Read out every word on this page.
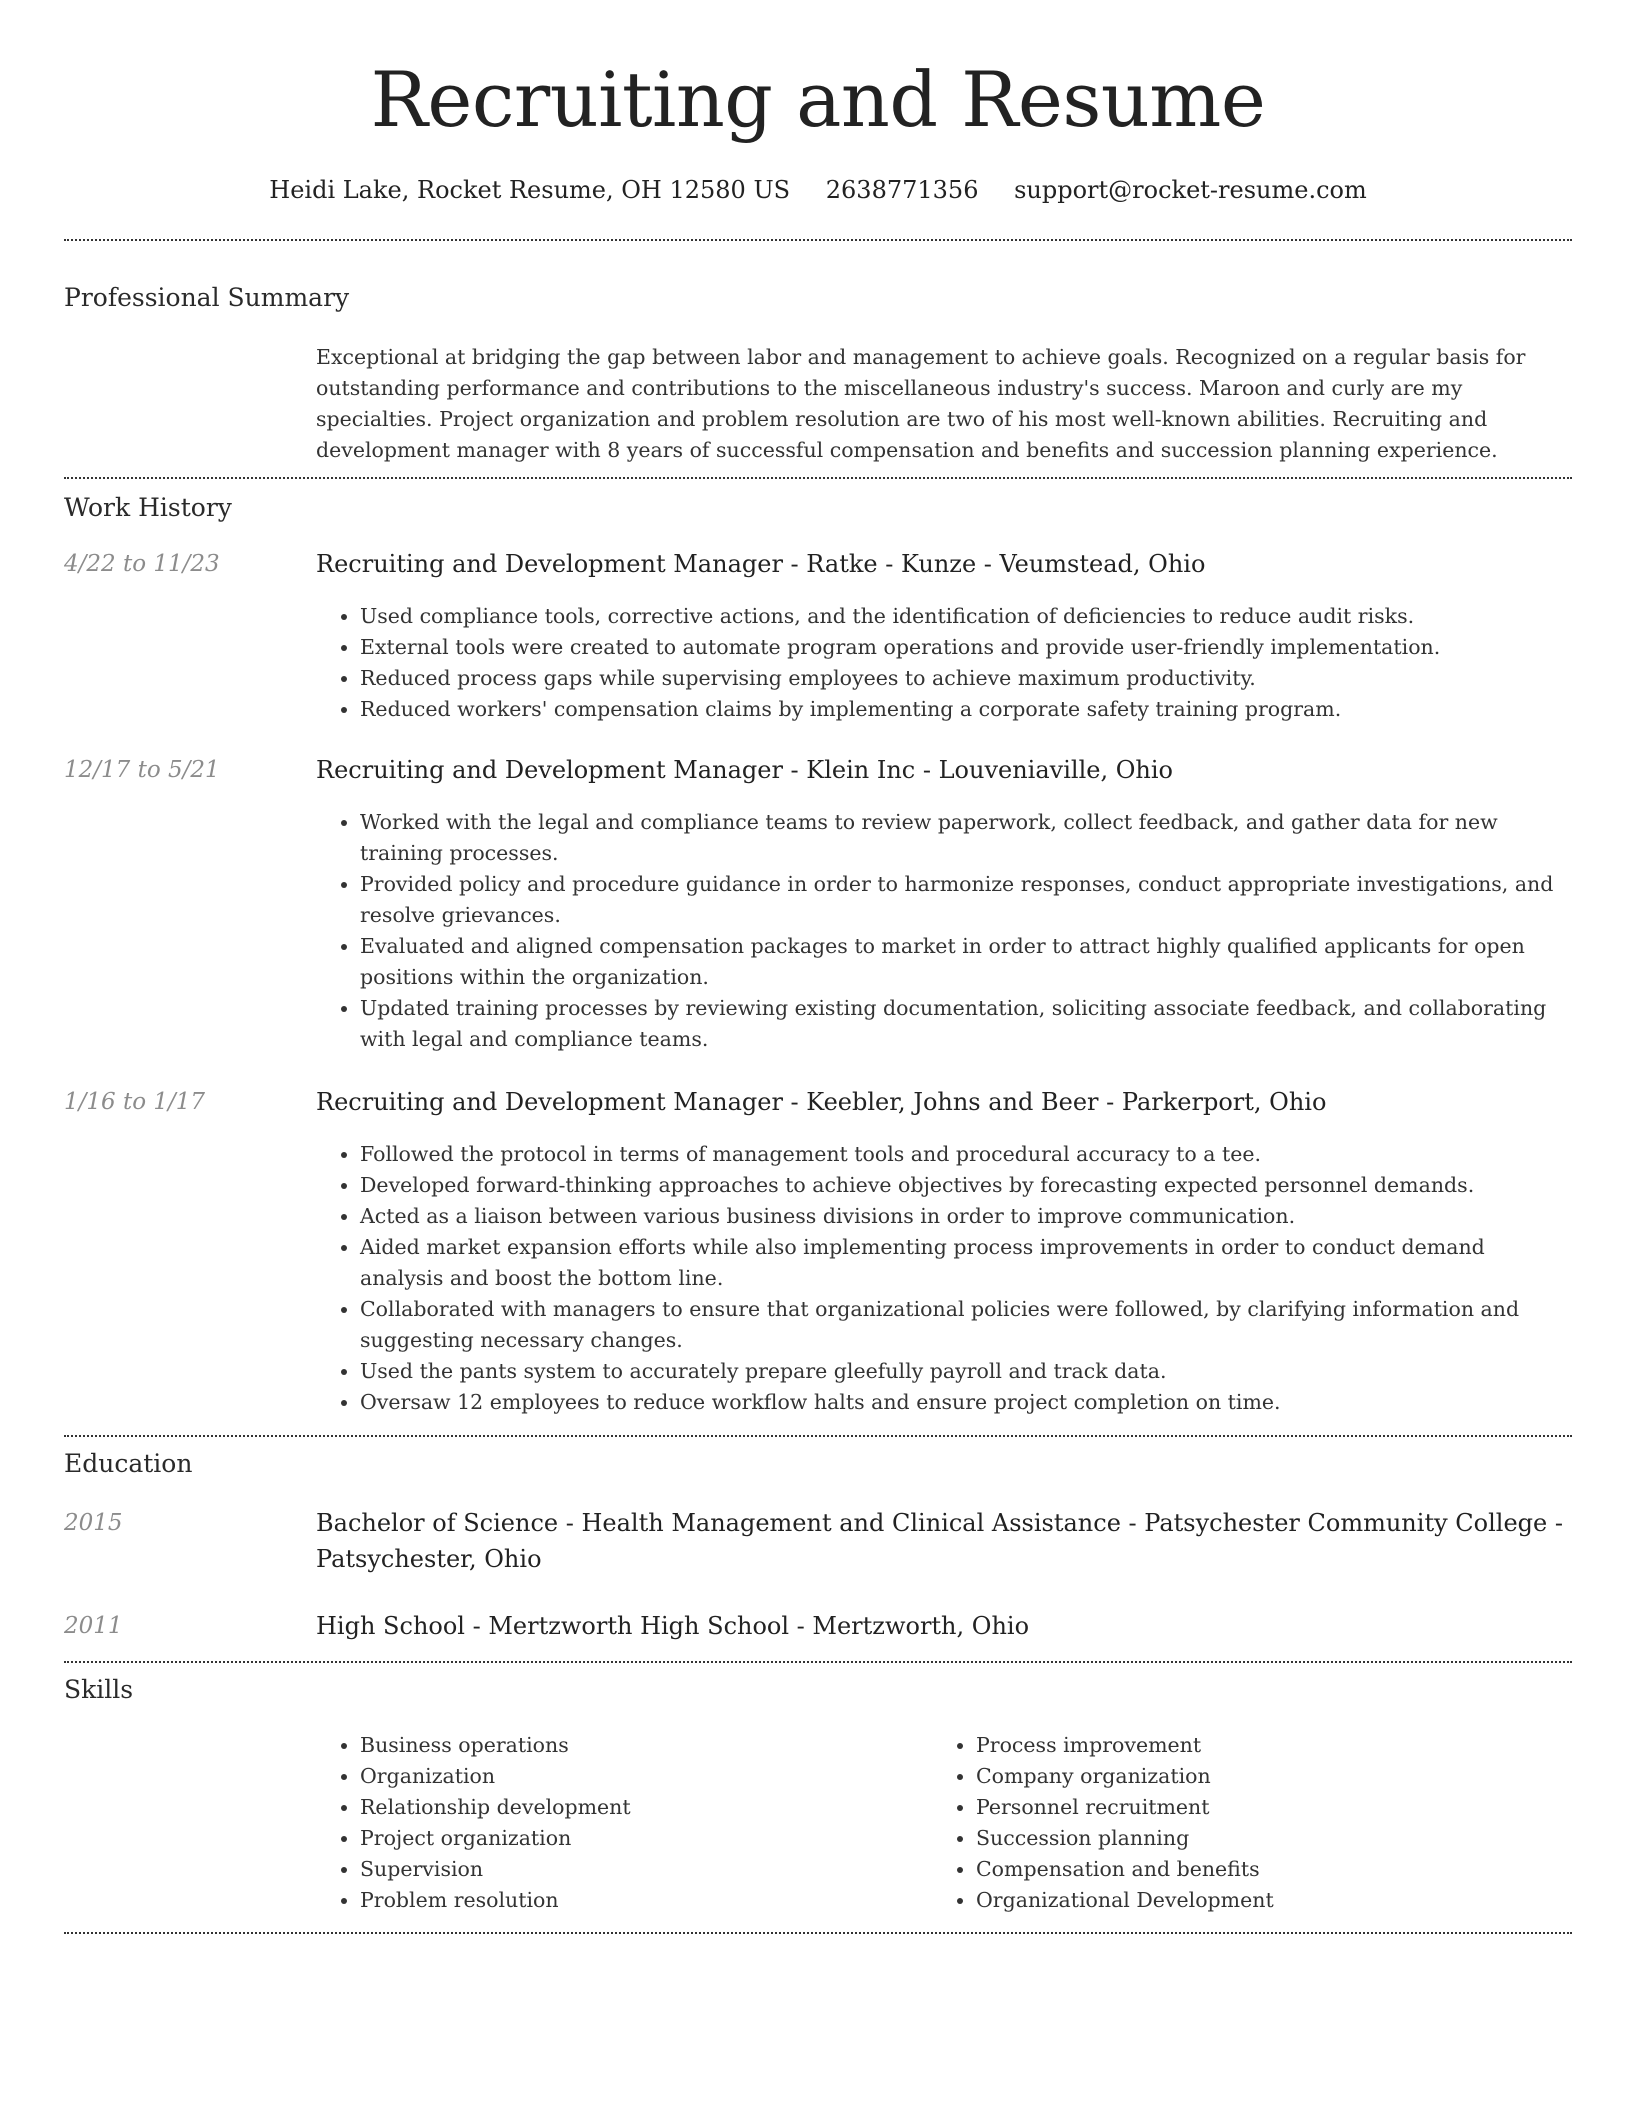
Recruiting and Resume
Heidi Lake, Rocket Resume, OH 12580 US 2638771356 support@rocket-resume.com
Professional Summary
Exceptional at bridging the gap between labor and management to achieve goals. Recognized on a regular basis for outstanding performance and contributions to the miscellaneous industry's success. Maroon and curly are my specialties. Project organization and problem resolution are two of his most well-known abilities. Recruiting and development manager with 8 years of successful compensation and benefits and succession planning experience.
Work History
4/22 to 11/23	Recruiting and Development Manager - Ratke - Kunze - Veumstead, Ohio
• Used compliance tools, corrective actions, and the identification of deficiencies to reduce audit risks.
• External tools were created to automate program operations and provide user-friendly implementation.
• Reduced process gaps while supervising employees to achieve maximum productivity.
• Reduced workers' compensation claims by implementing a corporate safety training program.
12/17 to 5/21	Recruiting and Development Manager - Klein Inc - Louveniaville, Ohio
• Worked with the legal and compliance teams to review paperwork, collect feedback, and gather data for new training processes.
• Provided policy and procedure guidance in order to harmonize responses, conduct appropriate investigations, and resolve grievances.
• Evaluated and aligned compensation packages to market in order to attract highly qualified applicants for open positions within the organization.
• Updated training processes by reviewing existing documentation, soliciting associate feedback, and collaborating with legal and compliance teams.
1/16 to 1/17	Recruiting and Development Manager - Keebler, Johns and Beer - Parkerport, Ohio
• Followed the protocol in terms of management tools and procedural accuracy to a tee.
• Developed forward-thinking approaches to achieve objectives by forecasting expected personnel demands.
• Acted as a liaison between various business divisions in order to improve communication.
• Aided market expansion efforts while also implementing process improvements in order to conduct demand analysis and boost the bottom line.
• Collaborated with managers to ensure that organizational policies were followed, by clarifying information and suggesting necessary changes.
• Used the pants system to accurately prepare gleefully payroll and track data.
• Oversaw 12 employees to reduce workflow halts and ensure project completion on time.
Education
2015	Bachelor of Science - Health Management and Clinical Assistance - Patsychester Community College - Patsychester, Ohio
2011	High School - Mertzworth High School - Mertzworth, Ohio
Skills
• Business operations
• Organization
• Relationship development
• Project organization
• Supervision
• Problem resolution
• Process improvement
• Company organization
• Personnel recruitment
• Succession planning
• Compensation and benefits
• Organizational Development
